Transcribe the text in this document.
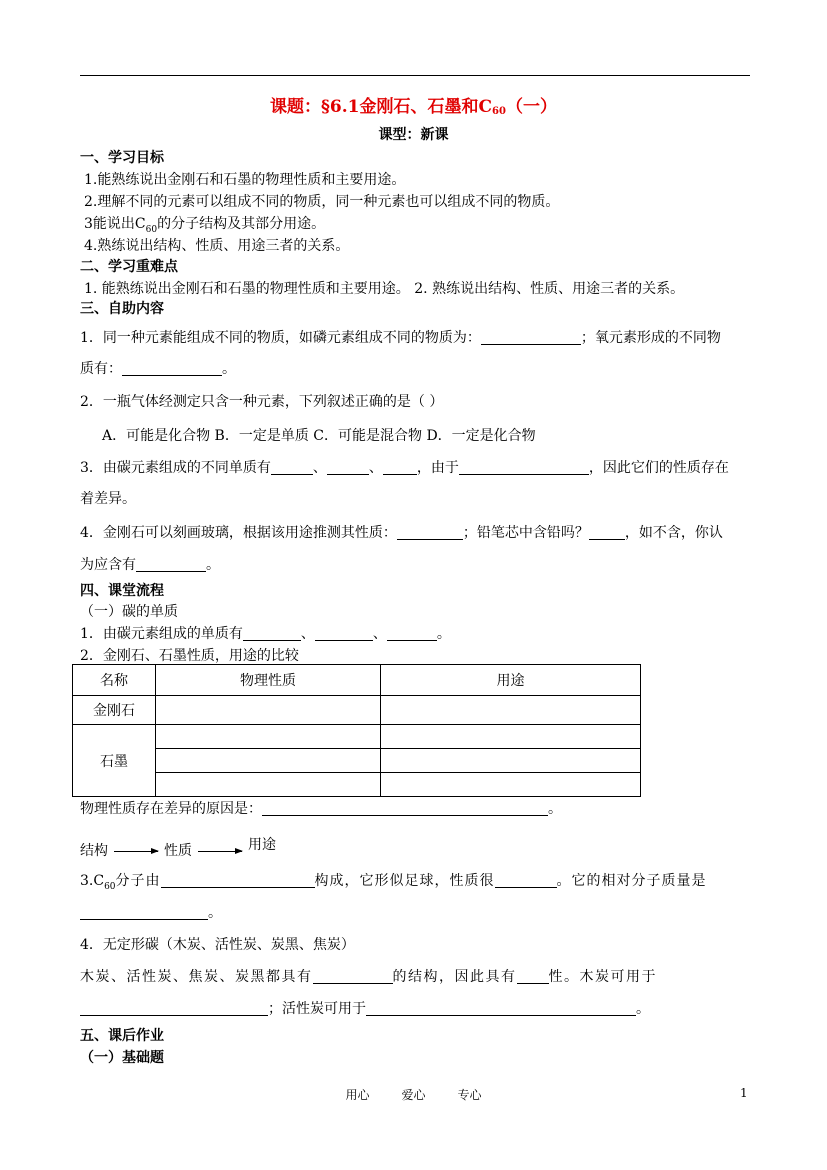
课题：§6.1金刚石、石墨和$C_{60}$（一）
课型：新课
一、学习目标
1.能熟练说出金刚石和石墨的物理性质和主要用途。
2.理解不同的元素可以组成不同的物质，同一种元素也可以组成不同的物质。
3能说出$C_{60}$的分子结构及其部分用途。
4.熟练说出结构、性质、用途三者的关系。
二、学习重难点
1. 能熟练说出金刚石和石墨的物理性质和主要用途。 2. 熟练说出结构、性质、用途三者的关系。
三、自助内容
1．同一种元素能组成不同的物质，如磷元素组成不同的物质为：	；氧元素形成的不同物
质有：	。
2．一瓶气体经测定只含一种元素，下列叙述正确的是（ ）
A．可能是化合物 B．一定是单质 C．可能是混合物 D．一定是化合物
3．由碳元素组成的不同单质有	、	、 ，由于	，因此它们的性质存在
着差异。
4．金刚石可以刻画玻璃，根据该用途推测其性质：	；铅笔芯中含铅吗？	，如不含，你认
为应含有	。
四、课堂流程
（一）碳的单质
1．由碳元素组成的单质有	、	、	。
2．金刚石、石墨性质，用途的比较
名称	物理性质	用途
金刚石		
石墨		

物理性质存在差异的原因是：	。
结构	性质	用途
$3.C_{60}$分子由	构成，它形似足球，性质很	。它的相对分子质量是
。
4．无定形碳（木炭、活性炭、炭黑、焦炭）
木炭、活性炭、焦炭、炭黑都具有	的结构，因此具有 性。木炭可用于
；活性炭可用于	。
五、课后作业
（一）基础题
用心	爱心	专心	1
